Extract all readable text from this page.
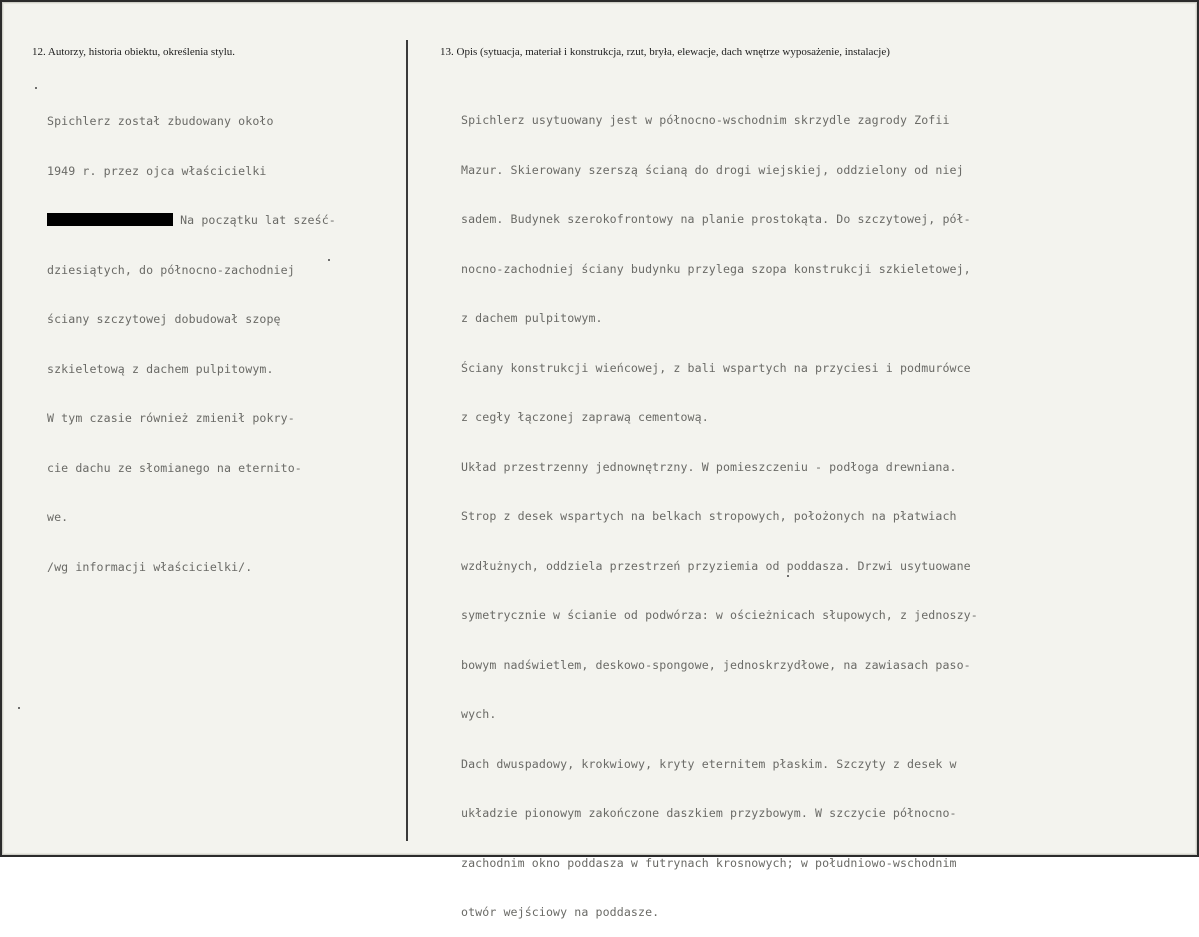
12. Autorzy, historia obiektu, określenia stylu.	13. Opis (sytuacja, materiał i konstrukcja, rzut, bryła, elewacje, dach wnętrze wyposażenie, instalacje)

Spichlerz został zbudowany około

1949 r. przez ojca właścicielki

Na początku lat sześć-

dziesiątych, do północno-zachodniej

ściany szczytowej dobudował szopę

szkieletową z dachem pulpitowym.

W tym czasie również zmienił pokry-

cie dachu ze słomianego na eternito-

we.

/wg informacji właścicielki/.

Spichlerz usytuowany jest w północno-wschodnim skrzydle zagrody Zofii

Mazur. Skierowany szerszą ścianą do drogi wiejskiej, oddzielony od niej

sadem. Budynek szerokofrontowy na planie prostokąta. Do szczytowej, pół-

nocno-zachodniej ściany budynku przylega szopa konstrukcji szkieletowej,

z dachem pulpitowym.

Ściany konstrukcji wieńcowej, z bali wspartych na przyciesi i podmurówce

z cegły łączonej zaprawą cementową.

Układ przestrzenny jednownętrzny. W pomieszczeniu - podłoga drewniana.

Strop z desek wspartych na belkach stropowych, położonych na płatwiach

wzdłużnych, oddziela przestrzeń przyziemia od poddasza. Drzwi usytuowane

symetrycznie w ścianie od podwórza: w ościeżnicach słupowych, z jednoszy-

bowym nadświetlem, deskowo-spongowe, jednoskrzydłowe, na zawiasach paso-

wych.

Dach dwuspadowy, krokwiowy, kryty eternitem płaskim. Szczyty z desek w

układzie pionowym zakończone daszkiem przyzbowym. W szczycie północno-

zachodnim okno poddasza w futrynach krosnowych; w południowo-wschodnim

otwór wejściowy na poddasze.
